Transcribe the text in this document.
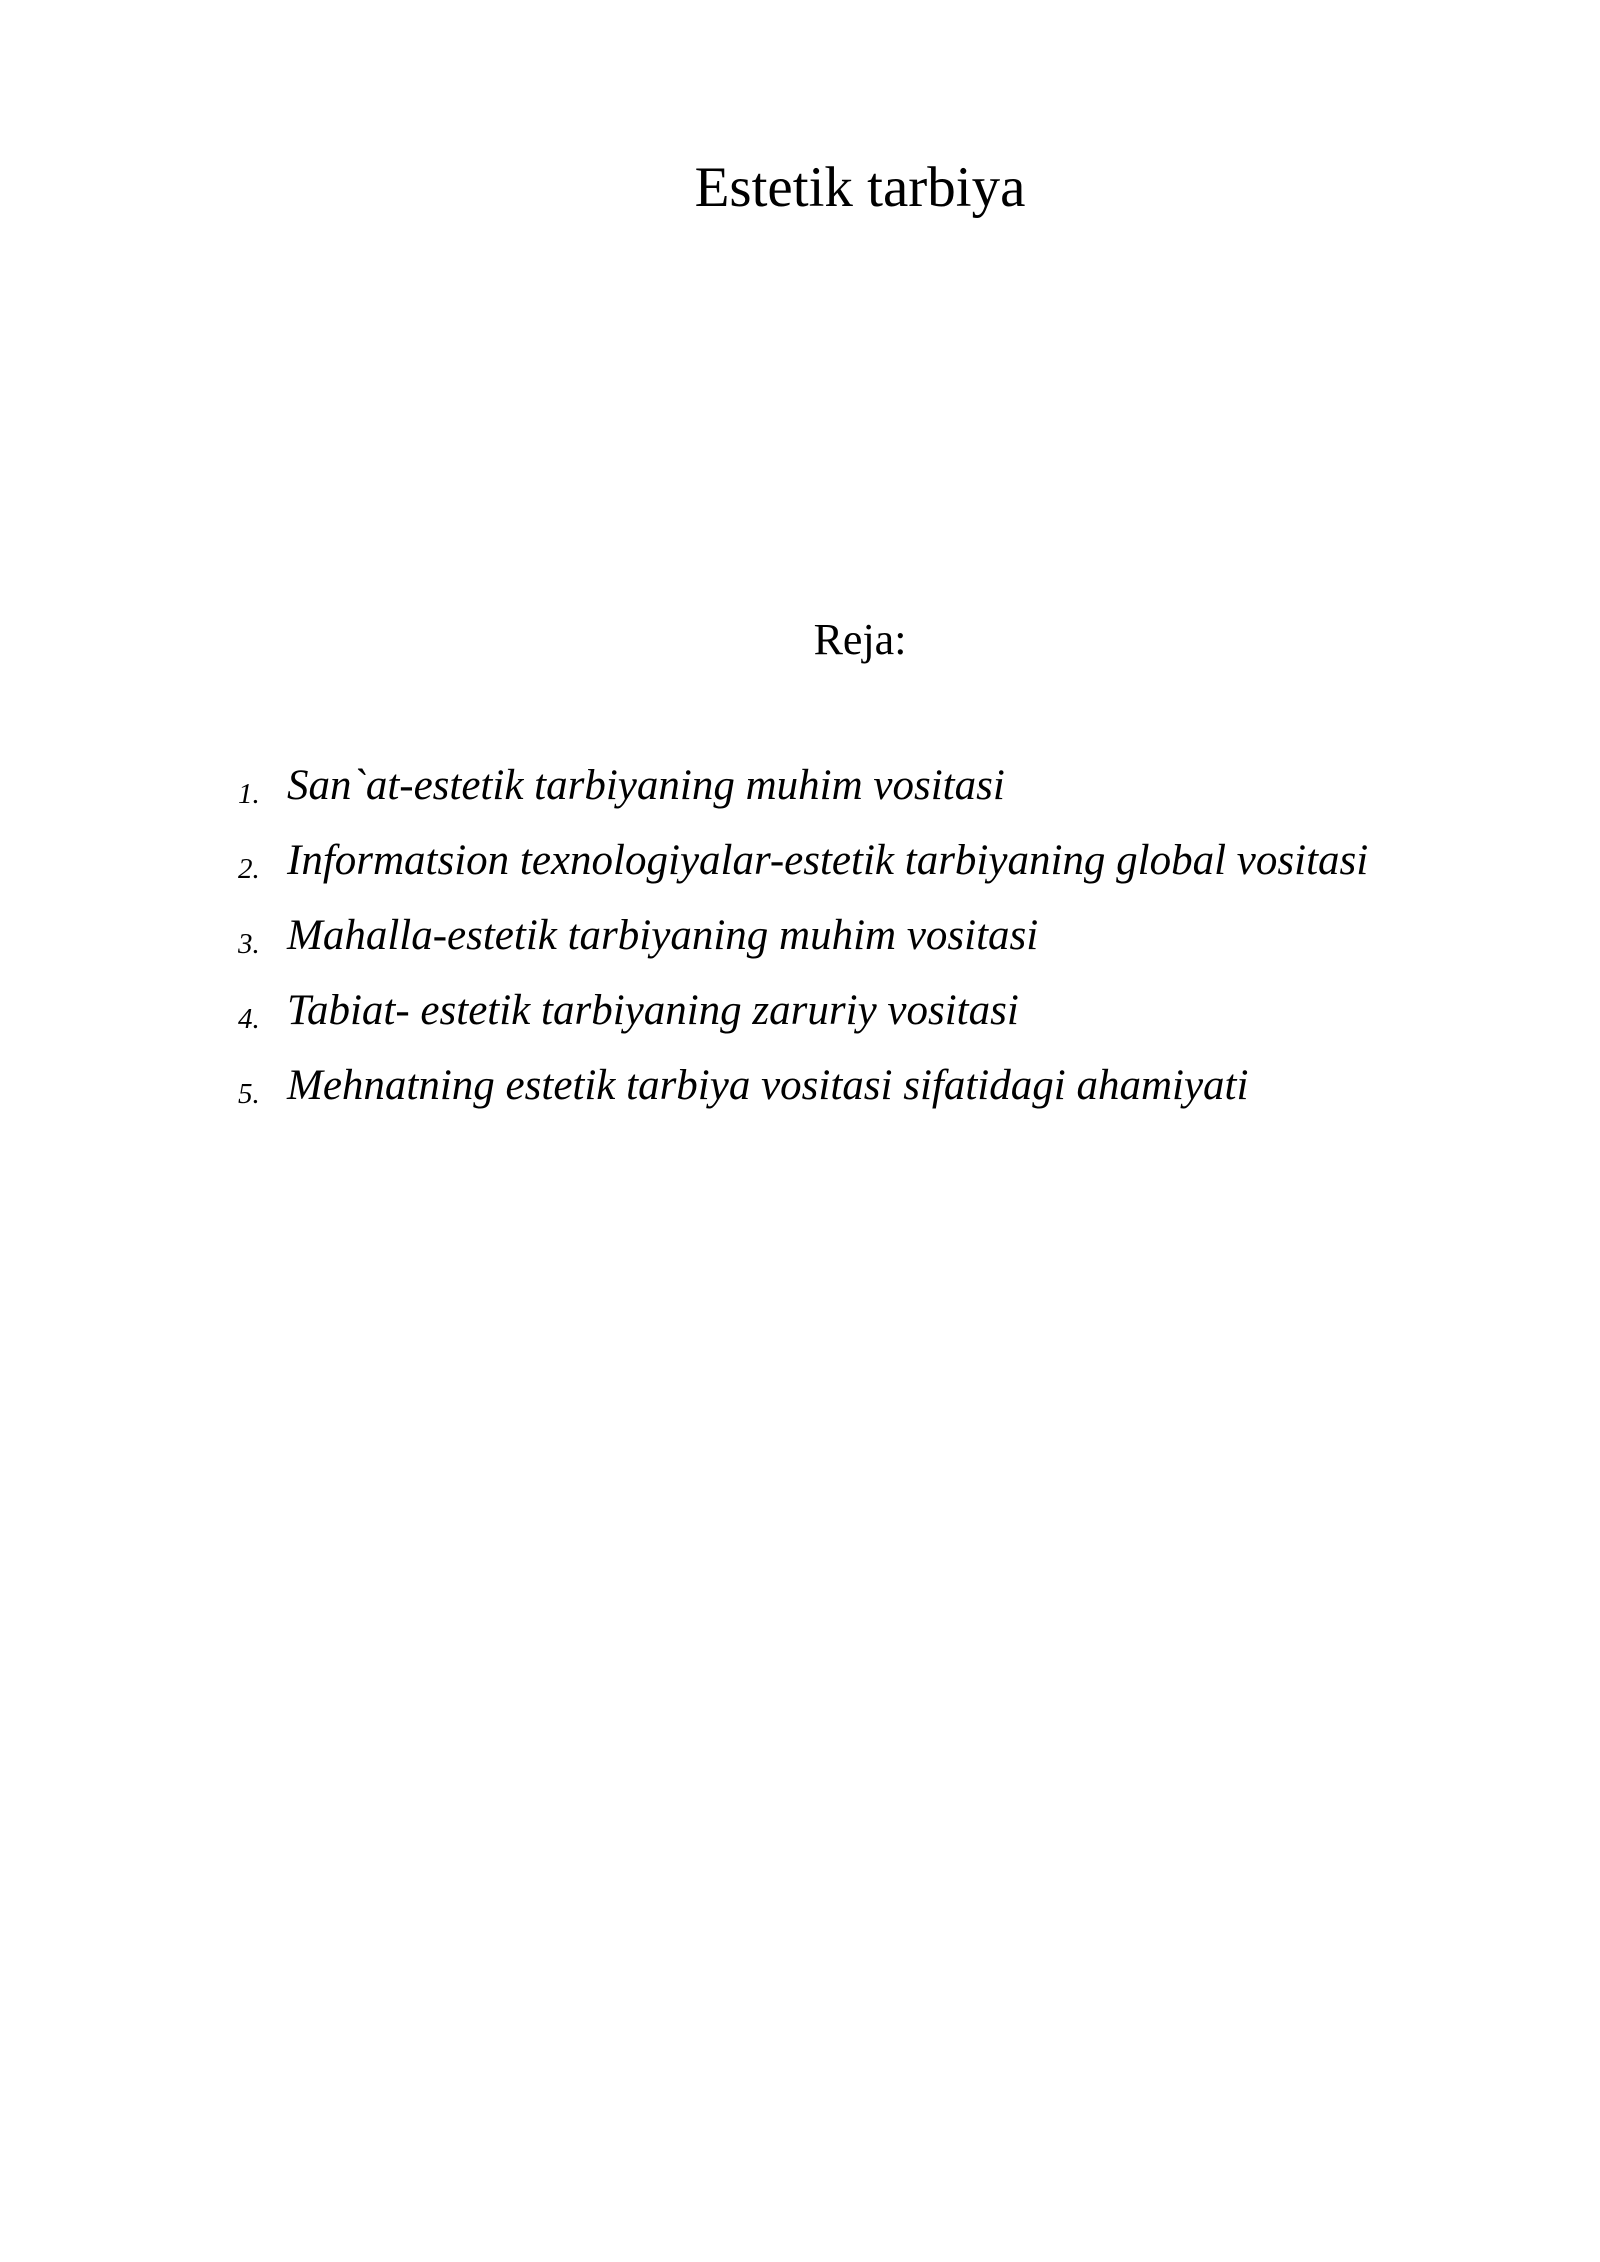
Estetik tarbiya
Reja:
1. San`at-estetik tarbiyaning muhim vositasi
2. Informatsion texnologiyalar-estetik tarbiyaning global vositasi
3. Mahalla-estetik tarbiyaning muhim vositasi
4. Tabiat- estetik tarbiyaning zaruriy vositasi
5. Mehnatning estetik tarbiya vositasi sifatidagi ahamiyati
